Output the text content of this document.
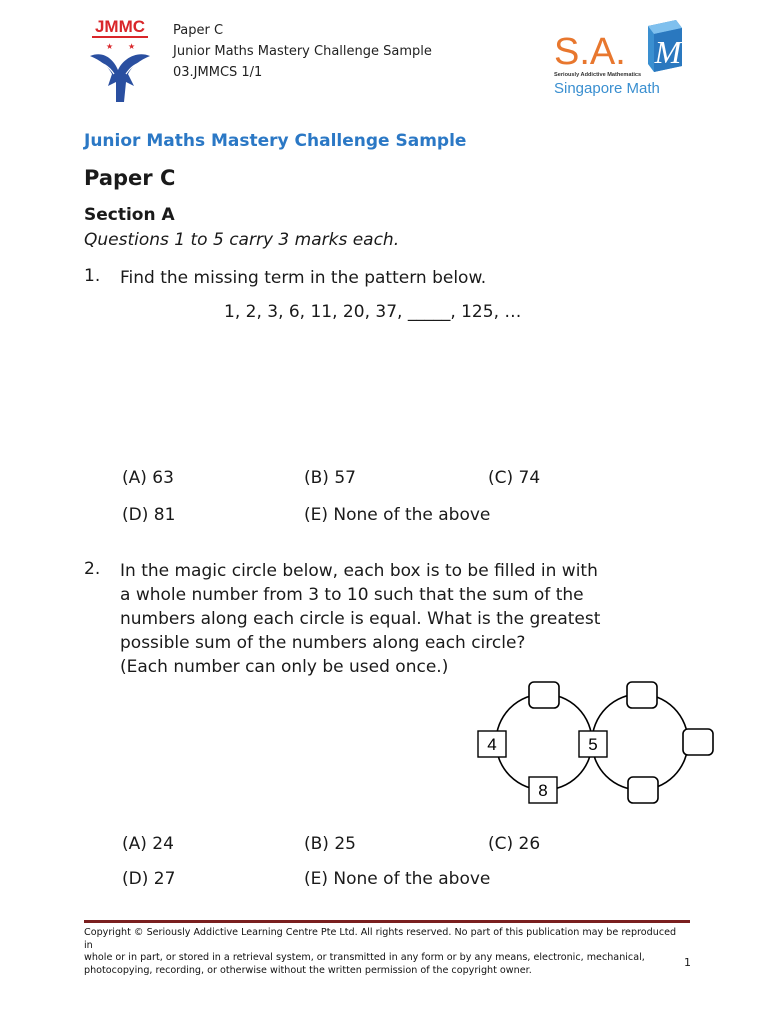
JMMC
★ ★
Paper C
Junior Maths Mastery Challenge Sample
03.JMMCS 1/1	S.A. M
Seriously Addictive Mathematics
Singapore Math
Junior Maths Mastery Challenge Sample
Paper C
Section A
Questions 1 to 5 carry 3 marks each.
1. Find the missing term in the pattern below.
1, 2, 3, 6, 11, 20, 37, _____, 125, …
(A) 63	(B) 57	(C) 74
(D) 81	(E) None of the above
2. In the magic circle below, each box is to be filled in with
a whole number from 3 to 10 such that the sum of the
numbers along each circle is equal. What is the greatest
possible sum of the numbers along each circle?
(Each number can only be used once.)
4	5
8
(A) 24	(B) 25	(C) 26
(D) 27	(E) None of the above
Copyright © Seriously Addictive Learning Centre Pte Ltd. All rights reserved. No part of this publication may be reproduced in
whole or in part, or stored in a retrieval system, or transmitted in any form or by any means, electronic, mechanical,
photocopying, recording, or otherwise without the written permission of the copyright owner.
1
